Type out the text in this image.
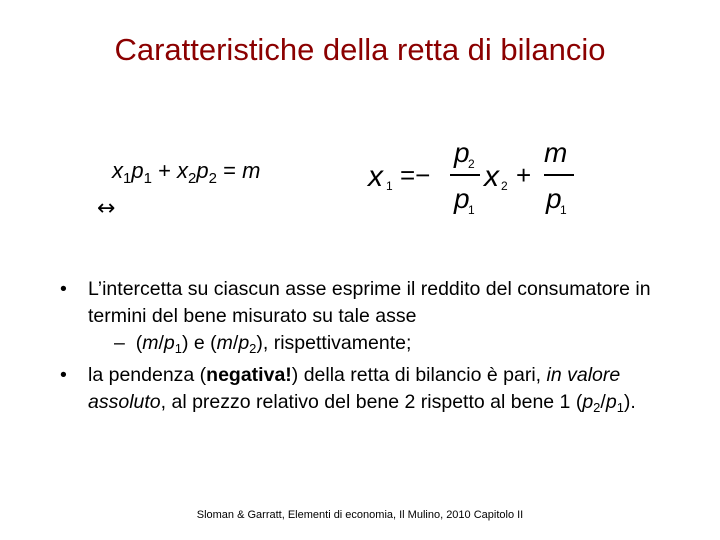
Caratteristiche della retta di bilancio
$x_1p_1 + x_2p_2 = m$
↔
x 1 =−
p
2
p
1
x 2 +
m
p
1
• L’intercetta su ciascun asse esprime il reddito del consumatore in termini del bene misurato su tale asse
– $(m/p_1)$ e $(m/p_2)$, rispettivamente;
• la pendenza (negativa!) della retta di bilancio è pari, in valore assoluto, al prezzo relativo del bene 2 rispetto al bene 1 $(p_2/p_1)$.
Sloman & Garratt, Elementi di economia, Il Mulino, 2010 Capitolo II
